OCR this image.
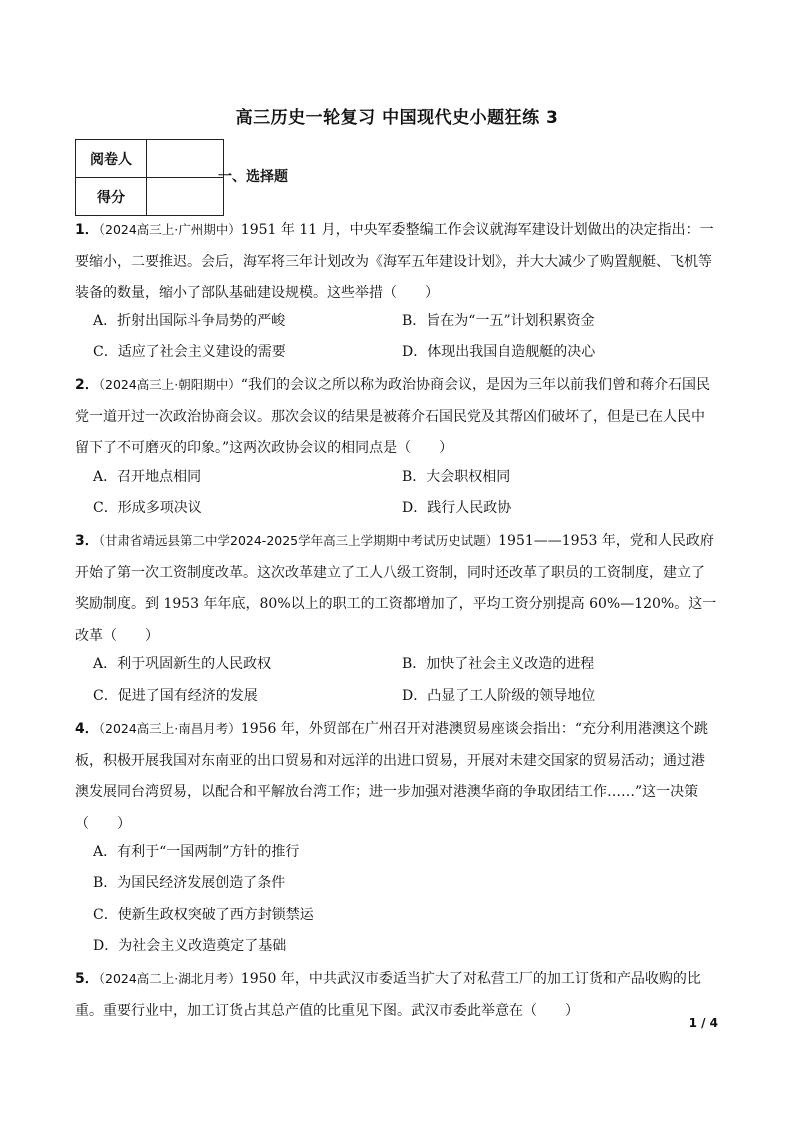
高三历史一轮复习 中国现代史小题狂练 3
阅卷人	
得分	
一、选择题

1．（2024高三上·广州期中）1951 年 11 月，中央军委整编工作会议就海军建设计划做出的决定指出：一要缩小，二要推迟。会后，海军将三年计划改为《海军五年建设计划》，并大大减少了购置舰艇、飞机等装备的数量，缩小了部队基础建设规模。这些举措（　　）

A．折射出国际斗争局势的严峻	B．旨在为“一五”计划积累资金
C．适应了社会主义建设的需要	D．体现出我国自造舰艇的决心

2．（2024高三上·朝阳期中）“我们的会议之所以称为政治协商会议，是因为三年以前我们曾和蒋介石国民党一道开过一次政治协商会议。那次会议的结果是被蒋介石国民党及其帮凶们破坏了，但是已在人民中留下了不可磨灭的印象。”这两次政协会议的相同点是（　　）

A．召开地点相同	B．大会职权相同
C．形成多项决议	D．践行人民政协

3．（甘肃省靖远县第二中学2024-2025学年高三上学期期中考试历史试题）1951——1953 年，党和人民政府开始了第一次工资制度改革。这次改革建立了工人八级工资制，同时还改革了职员的工资制度，建立了奖励制度。到 1953 年年底，80%以上的职工的工资都增加了，平均工资分别提高 60%—120%。这一改革（　　）

A．利于巩固新生的人民政权	B．加快了社会主义改造的进程
C．促进了国有经济的发展	D．凸显了工人阶级的领导地位

4．（2024高三上·南昌月考）1956 年，外贸部在广州召开对港澳贸易座谈会指出：“充分利用港澳这个跳板，积极开展我国对东南亚的出口贸易和对远洋的出进口贸易，开展对未建交国家的贸易活动；通过港澳发展同台湾贸易，以配合和平解放台湾工作；进一步加强对港澳华商的争取团结工作……”这一决策（　　）

A．有利于“一国两制”方针的推行
B．为国民经济发展创造了条件
C．使新生政权突破了西方封锁禁运
D．为社会主义改造奠定了基础

5．（2024高二上·湖北月考）1950 年，中共武汉市委适当扩大了对私营工厂的加工订货和产品收购的比重。重要行业中，加工订货占其总产值的比重见下图。武汉市委此举意在（　　）

1 / 4
